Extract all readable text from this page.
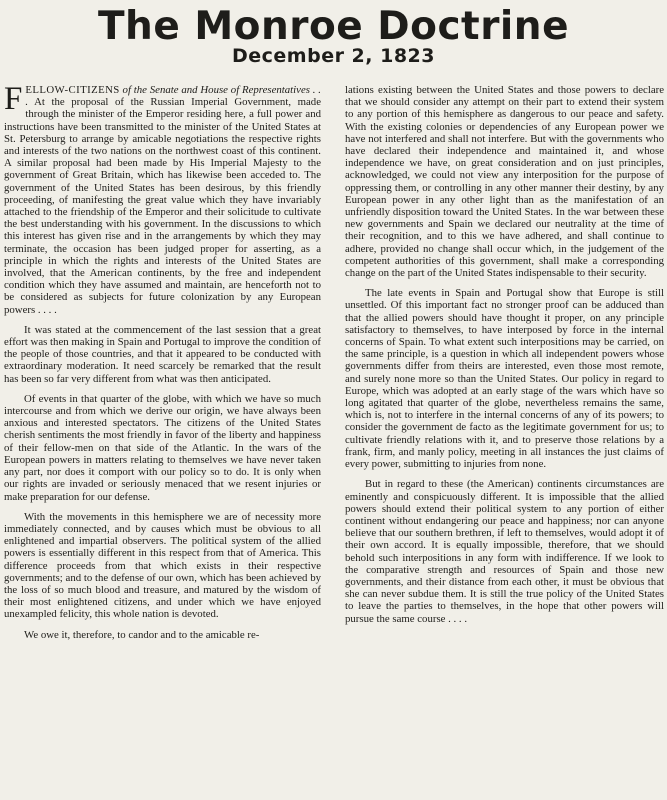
The Monroe Doctrine
December 2, 1823

FELLOW-CITIZENS of the Senate and House of Representatives . . . At the proposal of the Russian Imperial Government, made through the minister of the Emperor residing here, a full power and instructions have been transmitted to the minister of the United States at St. Petersburg to arrange by amicable negotiations the respective rights and interests of the two nations on the northwest coast of this continent. A similar proposal had been made by His Imperial Majesty to the government of Great Britain, which has likewise been acceded to. The government of the United States has been desirous, by this friendly proceeding, of manifesting the great value which they have invariably attached to the friendship of the Emperor and their solicitude to cultivate the best understanding with his government. In the discussions to which this interest has given rise and in the arrangements by which they may terminate, the occasion has been judged proper for asserting, as a principle in which the rights and interests of the United States are involved, that the American continents, by the free and independent condition which they have assumed and maintain, are henceforth not to be considered as subjects for future colonization by any European powers . . . .

It was stated at the commencement of the last session that a great effort was then making in Spain and Portugal to improve the condition of the people of those countries, and that it appeared to be conducted with extraordinary moderation. It need scarcely be remarked that the result has been so far very different from what was then anticipated.

Of events in that quarter of the globe, with which we have so much intercourse and from which we derive our origin, we have always been anxious and interested spectators. The citizens of the United States cherish sentiments the most friendly in favor of the liberty and happiness of their fellow-men on that side of the Atlantic. In the wars of the European powers in matters relating to themselves we have never taken any part, nor does it comport with our policy so to do. It is only when our rights are invaded or seriously menaced that we resent injuries or make preparation for our defense.

With the movements in this hemisphere we are of necessity more immediately connected, and by causes which must be obvious to all enlightened and impartial observers. The political system of the allied powers is essentially different in this respect from that of America. This difference proceeds from that which exists in their respective governments; and to the defense of our own, which has been achieved by the loss of so much blood and treasure, and matured by the wisdom of their most enlightened citizens, and under which we have enjoyed unexampled felicity, this whole nation is devoted.

We owe it, therefore, to candor and to the amicable re-

lations existing between the United States and those powers to declare that we should consider any attempt on their part to extend their system to any portion of this hemisphere as dangerous to our peace and safety. With the existing colonies or dependencies of any European power we have not interfered and shall not interfere. But with the governments who have declared their independence and maintained it, and whose independence we have, on great consideration and on just principles, acknowledged, we could not view any interposition for the purpose of oppressing them, or controlling in any other manner their destiny, by any European power in any other light than as the manifestation of an unfriendly disposition toward the United States. In the war between these new governments and Spain we declared our neutrality at the time of their recognition, and to this we have adhered, and shall continue to adhere, provided no change shall occur which, in the judgement of the competent authorities of this government, shall make a corresponding change on the part of the United States indispensable to their security.

The late events in Spain and Portugal show that Europe is still unsettled. Of this important fact no stronger proof can be adduced than that the allied powers should have thought it proper, on any principle satisfactory to themselves, to have interposed by force in the internal concerns of Spain. To what extent such interpositions may be carried, on the same principle, is a question in which all independent powers whose governments differ from theirs are interested, even those most remote, and surely none more so than the United States. Our policy in regard to Europe, which was adopted at an early stage of the wars which have so long agitated that quarter of the globe, nevertheless remains the same, which is, not to interfere in the internal concerns of any of its powers; to consider the government de facto as the legitimate government for us; to cultivate friendly relations with it, and to preserve those relations by a frank, firm, and manly policy, meeting in all instances the just claims of every power, submitting to injuries from none.

But in regard to these (the American) continents circumstances are eminently and conspicuously different. It is impossible that the allied powers should extend their political system to any portion of either continent without endangering our peace and happiness; nor can anyone believe that our southern brethren, if left to themselves, would adopt it of their own accord. It is equally impossible, therefore, that we should behold such interpositions in any form with indifference. If we look to the comparative strength and resources of Spain and those new governments, and their distance from each other, it must be obvious that she can never subdue them. It is still the true policy of the United States to leave the parties to themselves, in the hope that other powers will pursue the same course . . . .
